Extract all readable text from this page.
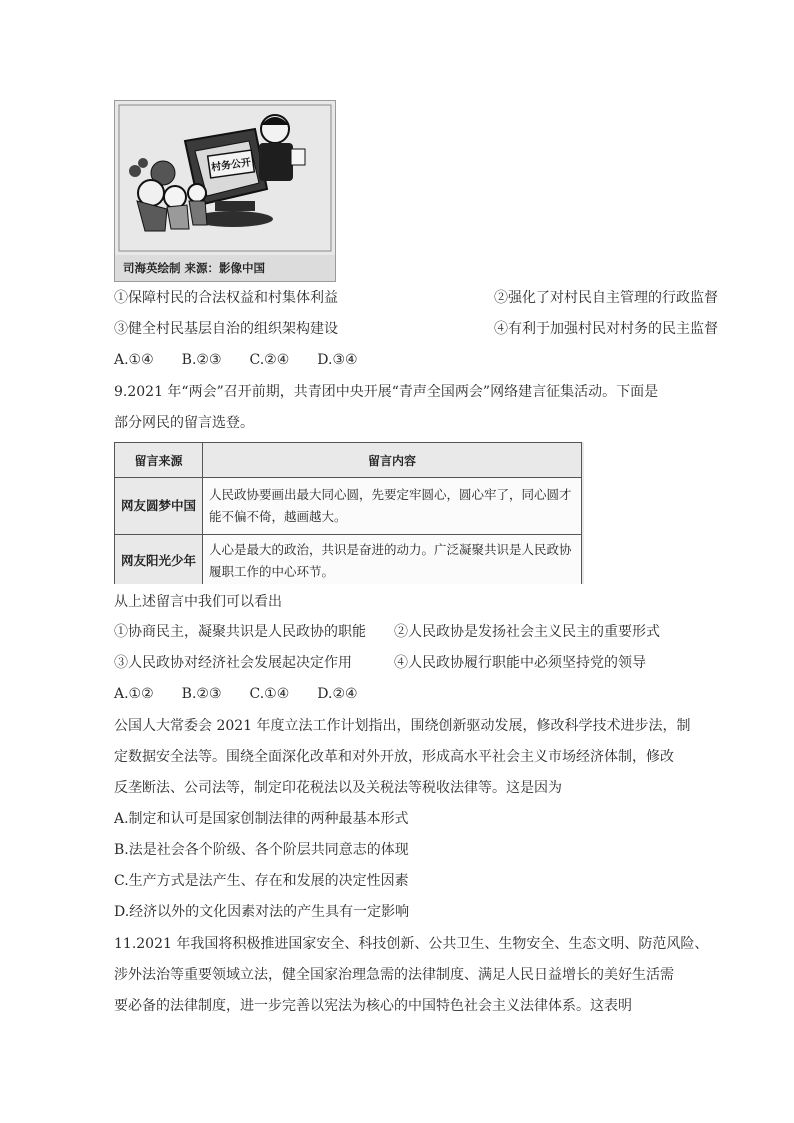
村务公开
司海英绘制 来源：影像中国
①保障村民的合法权益和村集体利益	②强化了对村民自主管理的行政监督
③健全村民基层自治的组织架构建设	④有利于加强村民对村务的民主监督
A.①④　　B.②③　　C.②④　　D.③④
9.2021 年“两会”召开前期，共青团中央开展“青声全国两会”网络建言征集活动。下面是
部分网民的留言选登。
留言来源	留言内容
网友圆梦中国	人民政协要画出最大同心圆，先要定牢圆心，圆心牢了，同心圆才
能不偏不倚，越画越大。

网友阳光少年	人心是最大的政治，共识是奋进的动力。广泛凝聚共识是人民政协
履职工作的中心环节。
从上述留言中我们可以看出
①协商民主，凝聚共识是人民政协的职能 ②人民政协是发扬社会主义民主的重要形式
③人民政协对经济社会发展起决定作用	④人民政协履行职能中必须坚持党的领导
A.①②　　B.②③　　C.①④　　D.②④
公国人大常委会 2021 年度立法工作计划指出，围绕创新驱动发展，修改科学技术进步法，制
定数据安全法等。围绕全面深化改革和对外开放，形成高水平社会主义市场经济体制，修改
反垄断法、公司法等，制定印花税法以及关税法等税收法律等。这是因为
A.制定和认可是国家创制法律的两种最基本形式
B.法是社会各个阶级、各个阶层共同意志的体现
C.生产方式是法产生、存在和发展的决定性因素
D.经济以外的文化因素对法的产生具有一定影响
11.2021 年我国将积极推进国家安全、科技创新、公共卫生、生物安全、生态文明、防范风险、
涉外法治等重要领域立法，健全国家治理急需的法律制度、满足人民日益增长的美好生活需
要必备的法律制度，进一步完善以宪法为核心的中国特色社会主义法律体系。这表明
